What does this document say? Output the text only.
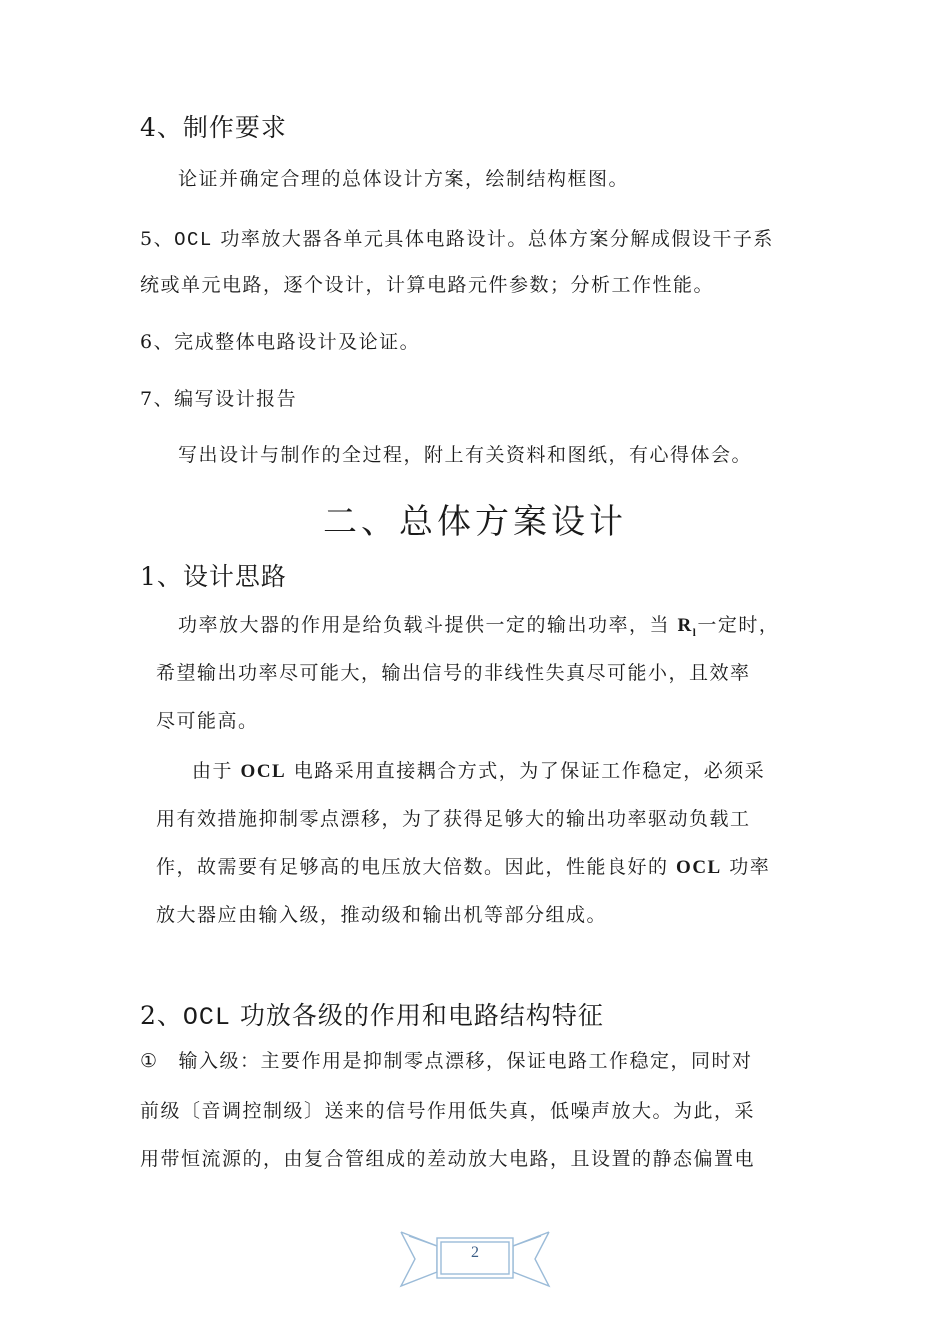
4、制作要求
论证并确定合理的总体设计方案，绘制结构框图。
5、OCL 功率放大器各单元具体电路设计。总体方案分解成假设干子系
统或单元电路，逐个设计，计算电路元件参数；分析工作性能。
6、完成整体电路设计及论证。
7、编写设计报告
写出设计与制作的全过程，附上有关资料和图纸，有心得体会。
二、总体方案设计
1、设计思路
功率放大器的作用是给负载斗提供一定的输出功率，当 $R_l$一定时，
希望输出功率尽可能大，输出信号的非线性失真尽可能小，且效率
尽可能高。
由于 OCL 电路采用直接耦合方式，为了保证工作稳定，必须采
用有效措施抑制零点漂移，为了获得足够大的输出功率驱动负载工
作，故需要有足够高的电压放大倍数。因此，性能良好的 OCL 功率
放大器应由输入级，推动级和输出机等部分组成。
2、OCL 功放各级的作用和电路结构特征
① 输入级：主要作用是抑制零点漂移，保证电路工作稳定，同时对
前级〔音调控制级〕送来的信号作用低失真，低噪声放大。为此，采
用带恒流源的，由复合管组成的差动放大电路，且设置的静态偏置电
2
